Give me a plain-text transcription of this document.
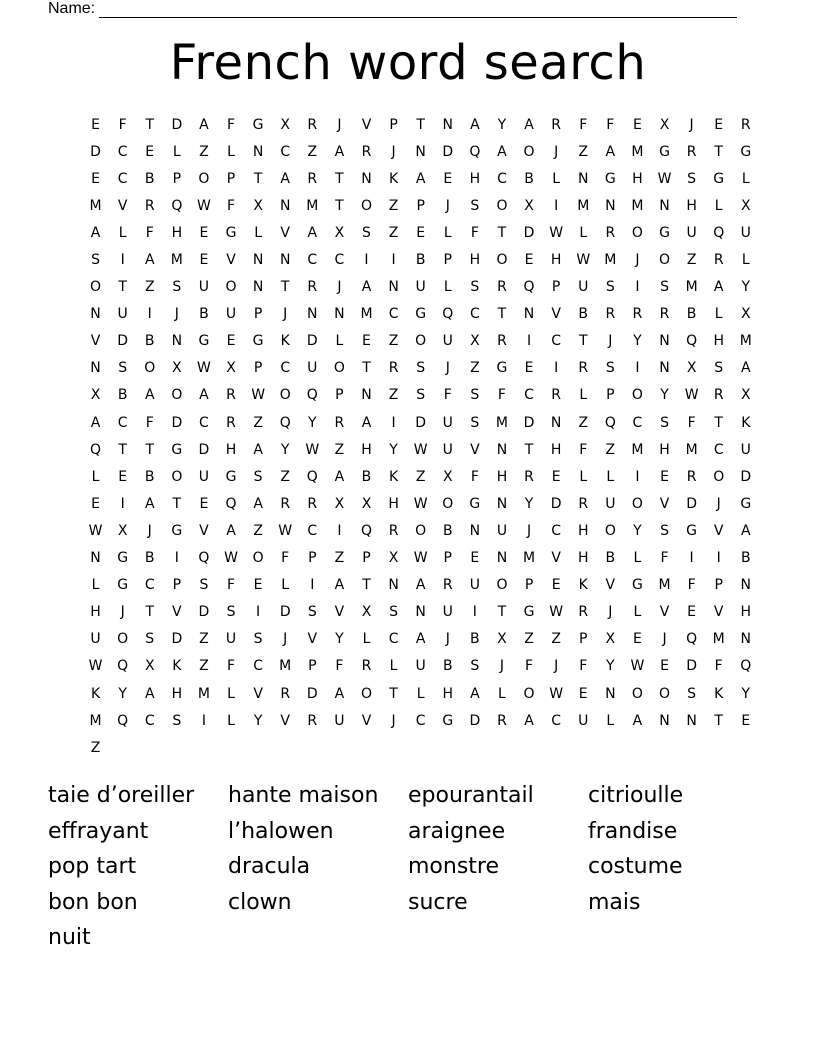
Name:
French word search
E	F	T	D	A	F	G	X	R	J	V	P	T	N	A	Y	A	R	F	F	E	X	J	E	R
D	C	E	L	Z	L	N	C	Z	A	R	J	N	D	Q	A	O	J	Z	A	M	G	R	T	G
E	C	B	P	O	P	T	A	R	T	N	K	A	E	H	C	B	L	N	G	H	W	S	G	L
M	V	R	Q	W	F	X	N	M	T	O	Z	P	J	S	O	X	I	M	N	M	N	H	L	X
A	L	F	H	E	G	L	V	A	X	S	Z	E	L	F	T	D	W	L	R	O	G	U	Q	U
S	I	A	M	E	V	N	N	C	C	I	I	B	P	H	O	E	H	W	M	J	O	Z	R	L
O	T	Z	S	U	O	N	T	R	J	A	N	U	L	S	R	Q	P	U	S	I	S	M	A	Y
N	U	I	J	B	U	P	J	N	N	M	C	G	Q	C	T	N	V	B	R	R	R	B	L	X
V	D	B	N	G	E	G	K	D	L	E	Z	O	U	X	R	I	C	T	J	Y	N	Q	H	M
N	S	O	X	W	X	P	C	U	O	T	R	S	J	Z	G	E	I	R	S	I	N	X	S	A
X	B	A	O	A	R	W	O	Q	P	N	Z	S	F	S	F	C	R	L	P	O	Y	W	R	X
A	C	F	D	C	R	Z	Q	Y	R	A	I	D	U	S	M	D	N	Z	Q	C	S	F	T	K
Q	T	T	G	D	H	A	Y	W	Z	H	Y	W	U	V	N	T	H	F	Z	M	H	M	C	U
L	E	B	O	U	G	S	Z	Q	A	B	K	Z	X	F	H	R	E	L	L	I	E	R	O	D
E	I	A	T	E	Q	A	R	R	X	X	H	W	O	G	N	Y	D	R	U	O	V	D	J	G
W	X	J	G	V	A	Z	W	C	I	Q	R	O	B	N	U	J	C	H	O	Y	S	G	V	A
N	G	B	I	Q	W	O	F	P	Z	P	X	W	P	E	N	M	V	H	B	L	F	I	I	B
L	G	C	P	S	F	E	L	I	A	T	N	A	R	U	O	P	E	K	V	G	M	F	P	N
H	J	T	V	D	S	I	D	S	V	X	S	N	U	I	T	G	W	R	J	L	V	E	V	H
U	O	S	D	Z	U	S	J	V	Y	L	C	A	J	B	X	Z	Z	P	X	E	J	Q	M	N
W	Q	X	K	Z	F	C	M	P	F	R	L	U	B	S	J	F	J	F	Y	W	E	D	F	Q
K	Y	A	H	M	L	V	R	D	A	O	T	L	H	A	L	O	W	E	N	O	O	S	K	Y
M	Q	C	S	I	L	Y	V	R	U	V	J	C	G	D	R	A	C	U	L	A	N	N	T	E
Z
taie d’oreiller	hante maison	epourantail	citrioulle
effrayant	l’halowen	araignee	frandise
pop tart	dracula	monstre	costume
bon bon	clown	sucre	mais
nuit
